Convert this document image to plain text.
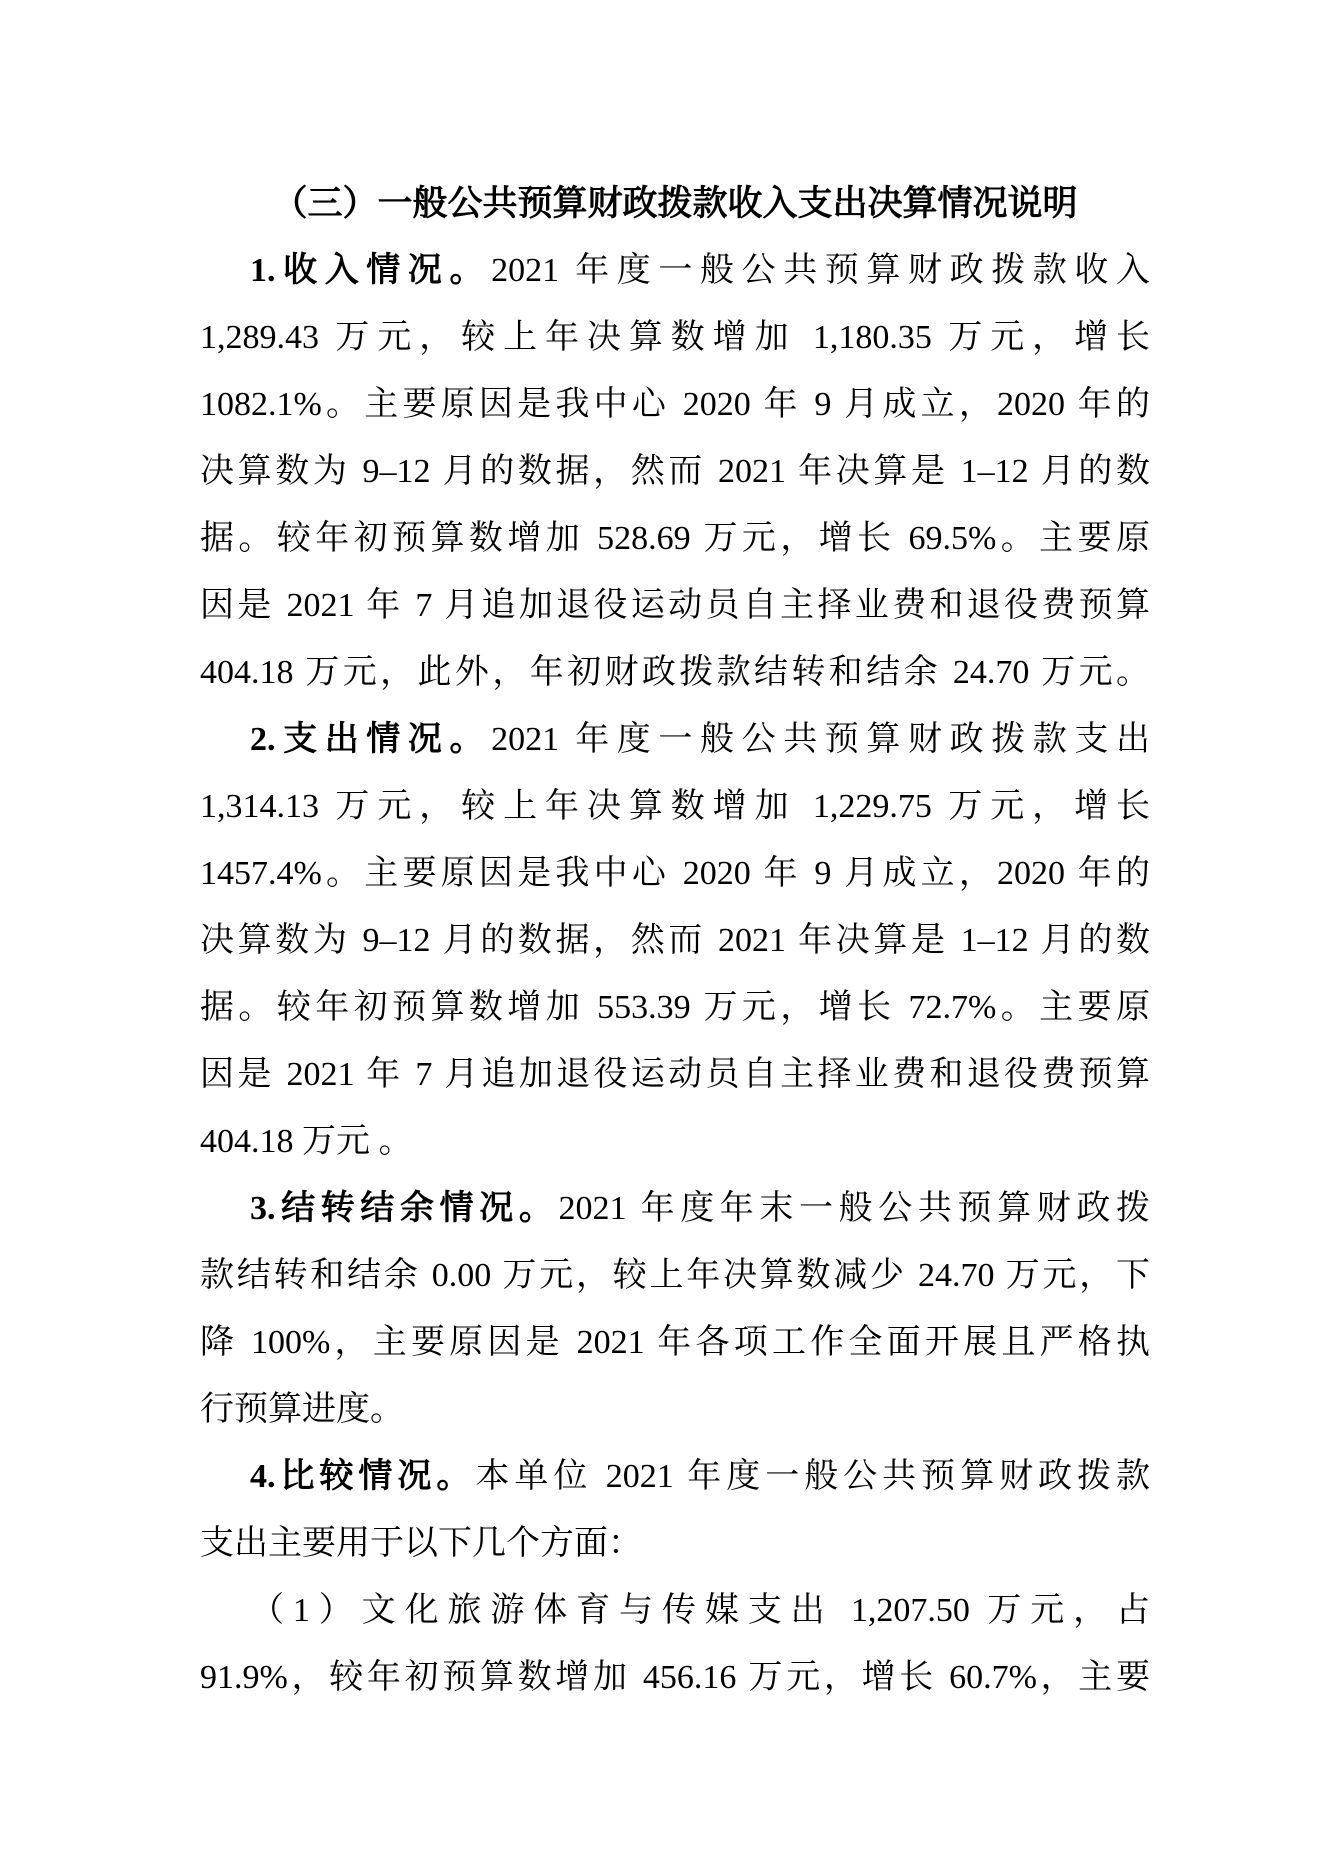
（三）一般公共预算财政拨款收入支出决算情况说明
1.收入情况。2021 年度一般公共预算财政拨款收入
1,289.43 万元，较上年决算数增加 1,180.35 万元，增长
1082.1%。主要原因是我中心 2020 年 9 月成立，2020 年的
决算数为 9–12 月的数据，然而 2021 年决算是 1–12 月的数
据。较年初预算数增加 528.69 万元，增长 69.5%。主要原
因是 2021 年 7 月追加退役运动员自主择业费和退役费预算
404.18 万元，此外，年初财政拨款结转和结余 24.70 万元。
2.支出情况。2021 年度一般公共预算财政拨款支出
1,314.13 万元，较上年决算数增加 1,229.75 万元，增长
1457.4%。主要原因是我中心 2020 年 9 月成立，2020 年的
决算数为 9–12 月的数据，然而 2021 年决算是 1–12 月的数
据。较年初预算数增加 553.39 万元，增长 72.7%。主要原
因是 2021 年 7 月追加退役运动员自主择业费和退役费预算
404.18 万元 。
3.结转结余情况。2021 年度年末一般公共预算财政拨
款结转和结余 0.00 万元，较上年决算数减少 24.70 万元，下
降 100%，主要原因是 2021 年各项工作全面开展且严格执
行预算进度。
4.比较情况。本单位 2021 年度一般公共预算财政拨款
支出主要用于以下几个方面：
（1）文化旅游体育与传媒支出 1,207.50 万元，占
91.9%，较年初预算数增加 456.16 万元，增长 60.7%，主要
